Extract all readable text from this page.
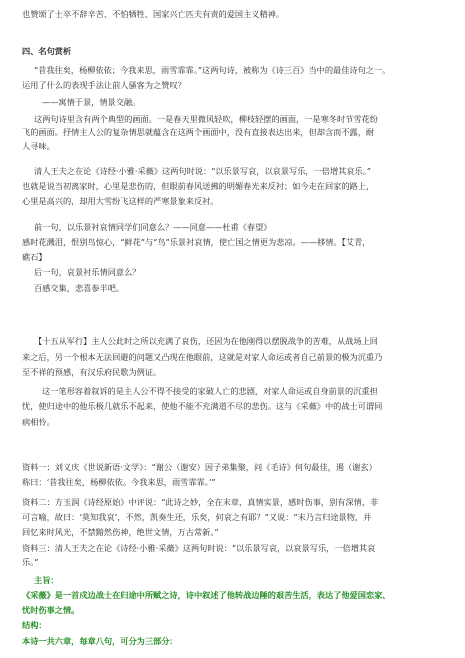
也赞颂了士卒不辞辛苦、不怕牺牲、国家兴亡匹夫有责的爱国主义精神。

四、名句赏析

“昔我往矣，杨柳依依；今我来思，雨雪霏霏。”这两句诗，被称为《诗三百》当中的最佳诗句之一。

运用了什么的表现手法让前人骚客为之赞叹？

——寓情于景，情景交融。

这两句诗里含有两个典型的画面。一是春天里微风轻吹，柳枝轻摆的画面，一是寒冬时节雪花纷

飞的画面。抒情主人公的复杂情思就蕴含在这两个画面中，没有直接表达出来，但却含而不露，耐

人寻味。

清人王夫之在论《诗经·小雅·采薇》这两句时说：“以乐景写哀，以哀景写乐，一倍增其哀乐。”

也就是说当初离家时，心里是悲伤的，但眼前春风送拂的明媚春光来反衬；如今走在回家的路上，

心里是高兴的，却用大雪纷飞这样的严寒景象来反衬。

前一句，以乐景衬哀情同学们同意么？——同意——杜甫《春望》

感时花溅泪，恨别鸟惊心，“鲜花”与“鸟”乐景衬哀情，使亡国之情更为悲凉。——移情。【艾青，

礁石】

后一句，哀景衬乐情同意么？

百感交集，悲喜参半吧。

【十五从军行】主人公此时之所以充满了哀伤，还因为在他刚得以摆脱战争的苦难，从战场上回

来之后，另一个根本无法回避的问题又凸现在他眼前，这就是对家人命运或者自己前景的极为沉重乃

至不祥的预感，有汉乐府民歌为例证。

这一笔形容着叙诉的是主人公不得不接受的家破人亡的悲剧，对家人命运或自身前景的沉重担

忧，使归途中的他乐极几就乐不起来，使他不能不充满道不尽的悲伤。这与《采薇》中的战士可谓同

病相怜。

资料一：刘义庆《世说新语·文学》：“谢公（谢安）因子弟集聚，问《毛诗》何句最佳，遏（谢玄）

称曰：‘昔我往矣，杨柳依依。今我来思，雨雪霏霏。’”

资料二：方玉润《诗经原始》中评说：“此诗之妙，全在末章，真情实景，感时伤事，别有深情，非

可言喻，故曰：‘莫知我哀’，不然，凯奏生还，乐矣，何哀之有耶？”又说：“末乃言归途景物，并

回忆来时风光，不禁黯然伤神，绝世文情，万古常新。”

资料三：清人王夫之在论《诗经·小雅·采薇》这两句时说：“以乐景写哀，以哀景写乐，一倍增其哀

乐。”

主旨：

《采薇》是一首戍边战士在归途中所赋之诗，诗中叙述了他转战边陲的艰苦生活，表达了他爱国恋家、

忧时伤事之情。

结构：

本诗一共六章，每章八句，可分为三部分：
